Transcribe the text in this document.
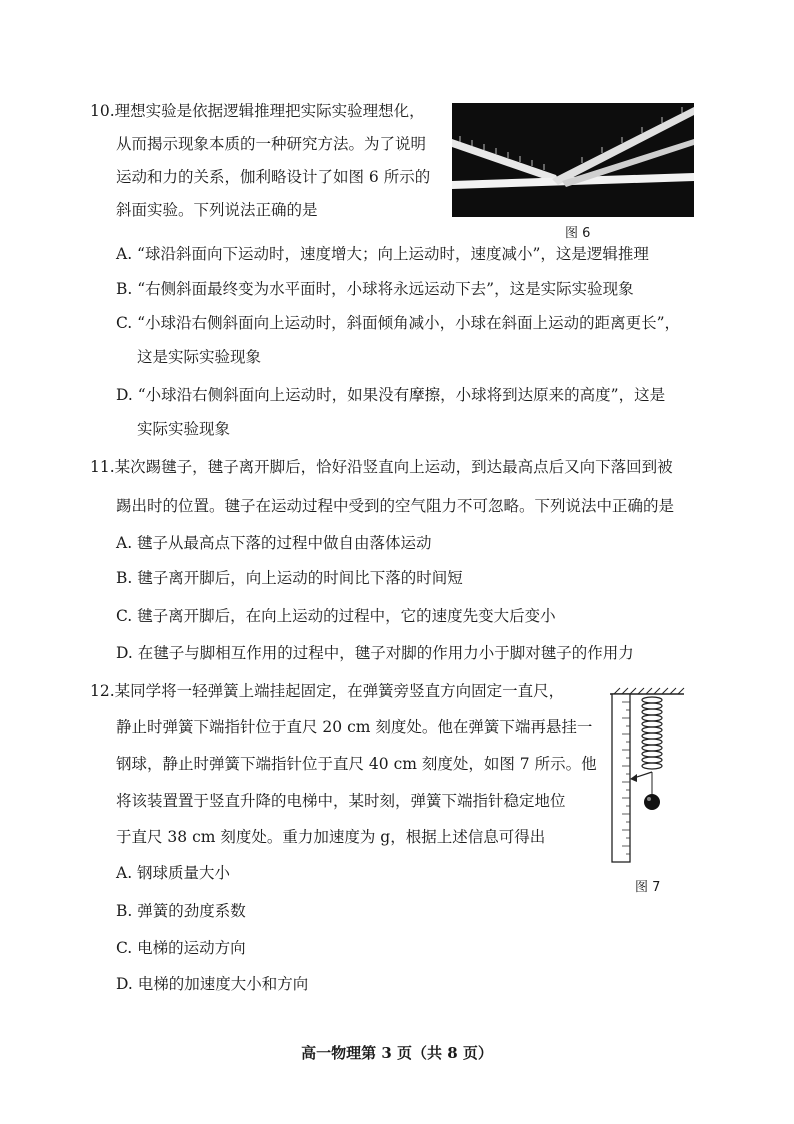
10.理想实验是依据逻辑推理把实际实验理想化，
从而揭示现象本质的一种研究方法。为了说明
运动和力的关系，伽利略设计了如图 6 所示的
斜面实验。下列说法正确的是
图 6
A. “球沿斜面向下运动时，速度增大；向上运动时，速度减小”，这是逻辑推理
B. “右侧斜面最终变为水平面时，小球将永远运动下去”，这是实际实验现象
C. “小球沿右侧斜面向上运动时，斜面倾角减小，小球在斜面上运动的距离更长”，
这是实际实验现象
D. “小球沿右侧斜面向上运动时，如果没有摩擦，小球将到达原来的高度”，这是
实际实验现象
11.某次踢毽子，毽子离开脚后，恰好沿竖直向上运动，到达最高点后又向下落回到被
踢出时的位置。毽子在运动过程中受到的空气阻力不可忽略。下列说法中正确的是
A. 毽子从最高点下落的过程中做自由落体运动
B. 毽子离开脚后，向上运动的时间比下落的时间短
C. 毽子离开脚后，在向上运动的过程中，它的速度先变大后变小
D. 在毽子与脚相互作用的过程中，毽子对脚的作用力小于脚对毽子的作用力
12.某同学将一轻弹簧上端挂起固定，在弹簧旁竖直方向固定一直尺，
静止时弹簧下端指针位于直尺 20 cm 刻度处。他在弹簧下端再悬挂一
钢球，静止时弹簧下端指针位于直尺 40 cm 刻度处，如图 7 所示。他
将该装置置于竖直升降的电梯中，某时刻，弹簧下端指针稳定地位
于直尺 38 cm 刻度处。重力加速度为 g，根据上述信息可得出
图 7
A. 钢球质量大小
B. 弹簧的劲度系数
C. 电梯的运动方向
D. 电梯的加速度大小和方向
高一物理第 3 页（共 8 页）
